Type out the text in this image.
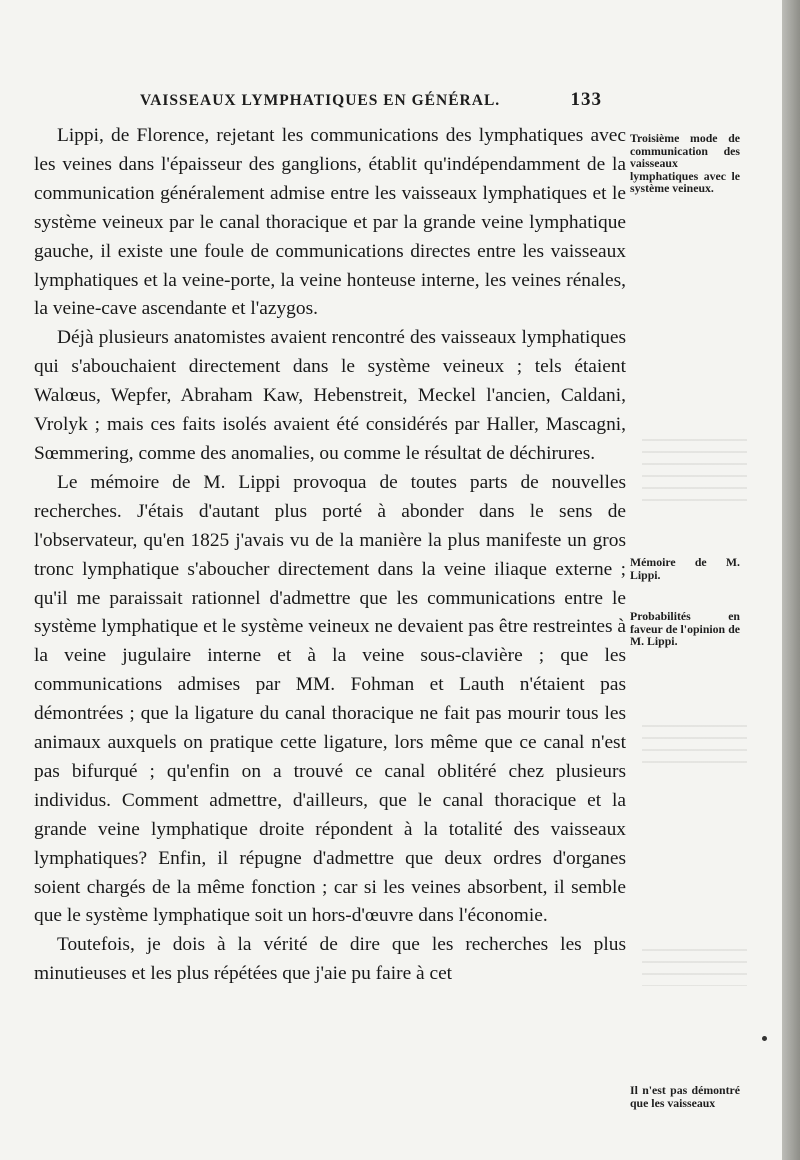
VAISSEAUX LYMPHATIQUES EN GÉNÉRAL.	133

Lippi, de Florence, rejetant les communications des lymphatiques avec les veines dans l'épaisseur des ganglions, établit qu'indépendamment de la communication généralement admise entre les vaisseaux lymphatiques et le système veineux par le canal thoracique et par la grande veine lymphatique gauche, il existe une foule de communications directes entre les vaisseaux lymphatiques et la veine-porte, la veine honteuse interne, les veines rénales, la veine-cave ascendante et l'azygos.

Déjà plusieurs anatomistes avaient rencontré des vaisseaux lymphatiques qui s'abouchaient directement dans le système veineux ; tels étaient Walœus, Wepfer, Abraham Kaw, Hebenstreit, Meckel l'ancien, Caldani, Vrolyk ; mais ces faits isolés avaient été considérés par Haller, Mascagni, Sœmmering, comme des anomalies, ou comme le résultat de déchirures.

Le mémoire de M. Lippi provoqua de toutes parts de nouvelles recherches. J'étais d'autant plus porté à abonder dans le sens de l'observateur, qu'en 1825 j'avais vu de la manière la plus manifeste un gros tronc lymphatique s'aboucher directement dans la veine iliaque externe ; qu'il me paraissait rationnel d'admettre que les communications entre le système lymphatique et le système veineux ne devaient pas être restreintes à la veine jugulaire interne et à la veine sous-clavière ; que les communications admises par MM. Fohman et Lauth n'étaient pas démontrées ; que la ligature du canal thoracique ne fait pas mourir tous les animaux auxquels on pratique cette ligature, lors même que ce canal n'est pas bifurqué ; qu'enfin on a trouvé ce canal oblitéré chez plusieurs individus. Comment admettre, d'ailleurs, que le canal thoracique et la grande veine lymphatique droite répondent à la totalité des vaisseaux lymphatiques? Enfin, il répugne d'admettre que deux ordres d'organes soient chargés de la même fonction ; car si les veines absorbent, il semble que le système lymphatique soit un hors-d'œuvre dans l'économie.

Toutefois, je dois à la vérité de dire que les recherches les plus minutieuses et les plus répétées que j'aie pu faire à cet

Troisième mode de communication des vaisseaux lymphatiques avec le système veineux.
Mémoire de M. Lippi.
Probabilités en faveur de l'opinion de M. Lippi.
Il n'est pas démontré que les vaisseaux
